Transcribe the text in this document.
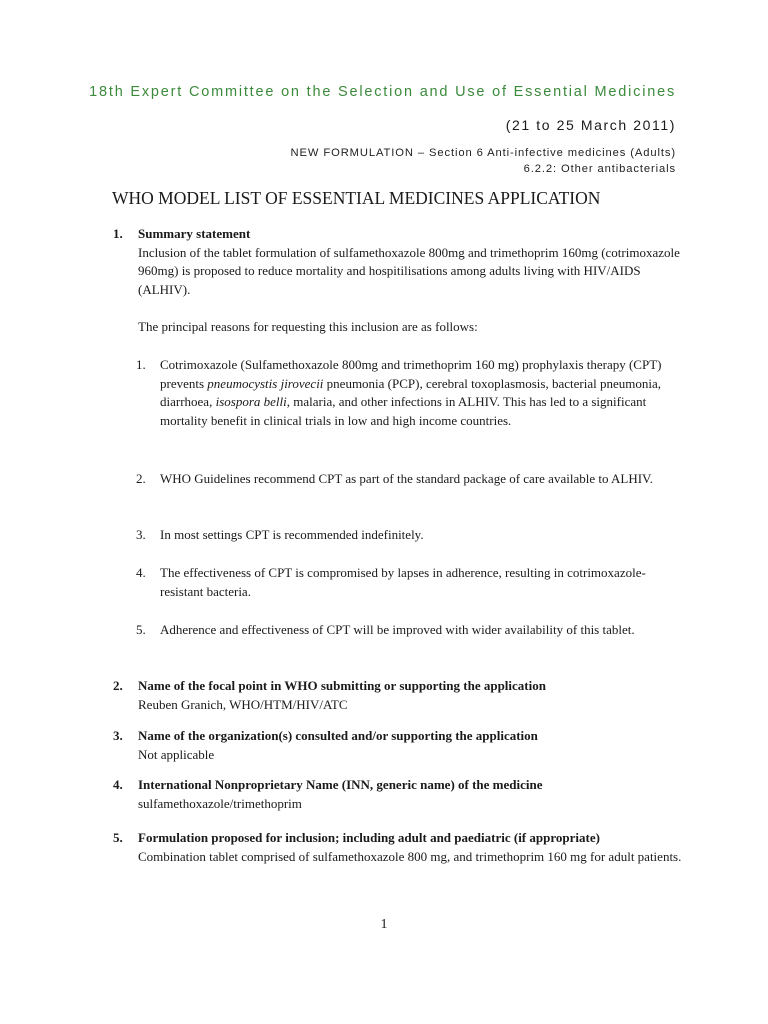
18th Expert Committee on the Selection and Use of Essential Medicines
(21 to 25 March 2011)
NEW FORMULATION – Section 6 Anti-infective medicines (Adults)
6.2.2: Other antibacterials
WHO MODEL LIST OF ESSENTIAL MEDICINES APPLICATION
1. Summary statement
Inclusion of the tablet formulation of sulfamethoxazole 800mg and trimethoprim 160mg (cotrimoxazole 960mg) is proposed to reduce mortality and hospitilisations among adults living with HIV/AIDS (ALHIV).

The principal reasons for requesting this inclusion are as follows:

1. Cotrimoxazole (Sulfamethoxazole 800mg and trimethoprim 160 mg) prophylaxis therapy (CPT) prevents pneumocystis jirovecii pneumonia (PCP), cerebral toxoplasmosis, bacterial pneumonia, diarrhoea, isospora belli, malaria, and other infections in ALHIV. This has led to a significant mortality benefit in clinical trials in low and high income countries.
2. WHO Guidelines recommend CPT as part of the standard package of care available to ALHIV.
3. In most settings CPT is recommended indefinitely.
4. The effectiveness of CPT is compromised by lapses in adherence, resulting in cotrimoxazole-resistant bacteria.
5. Adherence and effectiveness of CPT will be improved with wider availability of this tablet.
2. Name of the focal point in WHO submitting or supporting the application
Reuben Granich, WHO/HTM/HIV/ATC
3. Name of the organization(s) consulted and/or supporting the application
Not applicable
4. International Nonproprietary Name (INN, generic name) of the medicine
sulfamethoxazole/trimethoprim
5. Formulation proposed for inclusion; including adult and paediatric (if appropriate)
Combination tablet comprised of sulfamethoxazole 800 mg, and trimethoprim 160 mg for adult patients.
1
